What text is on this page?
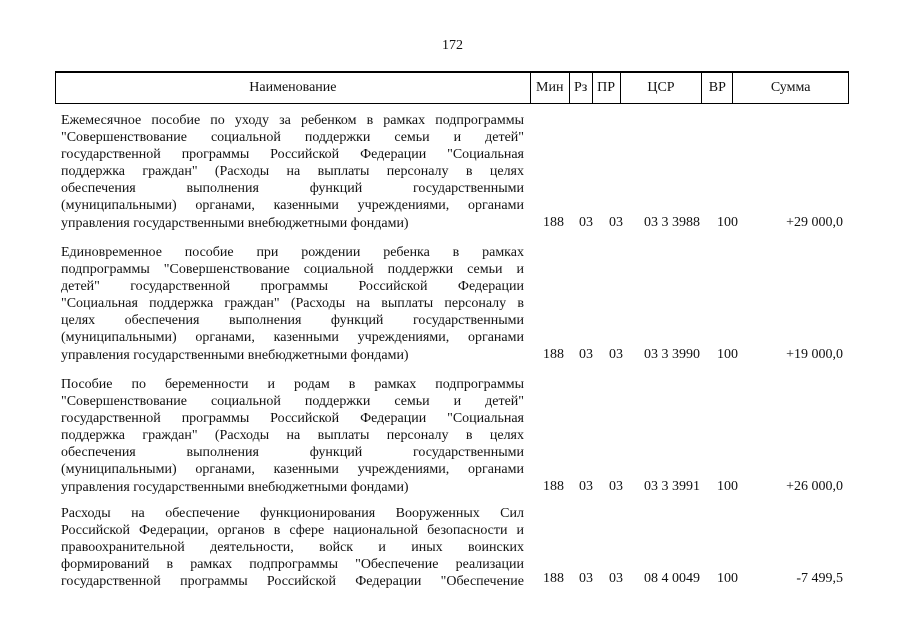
172
Наименование	Мин Рз ПР	ЦСР	ВР	Сумма
Ежемесячное пособие по уходу за ребенком в рамках подпрограммы
"Совершенствование социальной поддержки семьи и детей"
государственной программы Российской Федерации "Социальная
поддержка граждан" (Расходы на выплаты персоналу в целях
обеспечения выполнения функций государственными
(муниципальными) органами, казенными учреждениями, органами
управления государственными внебюджетными фондами)	188 03 03 03 3 3988 100	+29 000,0
Единовременное пособие при рождении ребенка в рамках
подпрограммы "Совершенствование социальной поддержки семьи и
детей" государственной программы Российской Федерации
"Социальная поддержка граждан" (Расходы на выплаты персоналу в
целях обеспечения выполнения функций государственными
(муниципальными) органами, казенными учреждениями, органами
управления государственными внебюджетными фондами)	188 03 03 03 3 3990 100	+19 000,0
Пособие по беременности и родам в рамках подпрограммы
"Совершенствование социальной поддержки семьи и детей"
государственной программы Российской Федерации "Социальная
поддержка граждан" (Расходы на выплаты персоналу в целях
обеспечения выполнения функций государственными
(муниципальными) органами, казенными учреждениями, органами
управления государственными внебюджетными фондами)	188 03 03 03 3 3991 100	+26 000,0
Расходы на обеспечение функционирования Вооруженных Сил
Российской Федерации, органов в сфере национальной безопасности и
правоохранительной деятельности, войск и иных воинских
формирований в рамках подпрограммы "Обеспечение реализации
государственной программы Российской Федерации "Обеспечение 188 03 03 08 4 0049 100	-7 499,5
